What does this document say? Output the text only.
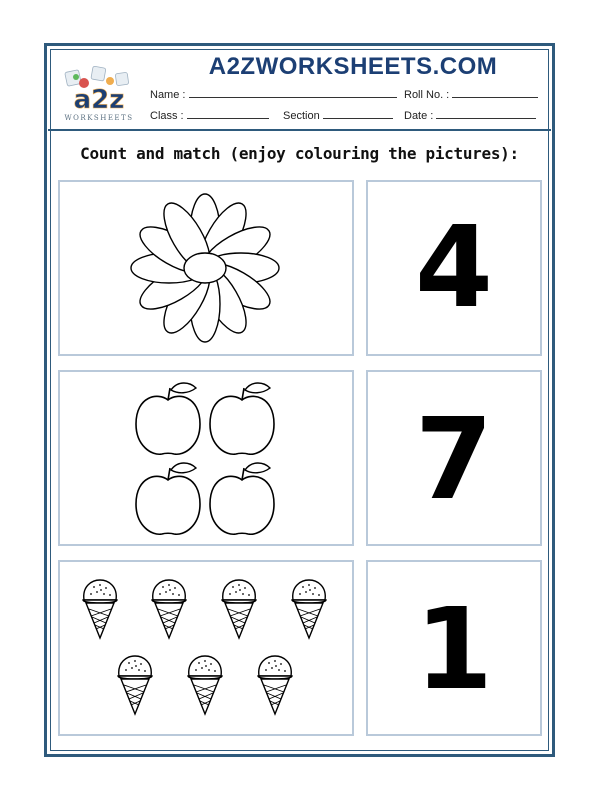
A2ZWORKSHEETS.COM
a2z
WORKSHEETS
Name :	Roll No. :
Class :	Section	Date :
Count and match (enjoy colouring the pictures):
4
7
1
